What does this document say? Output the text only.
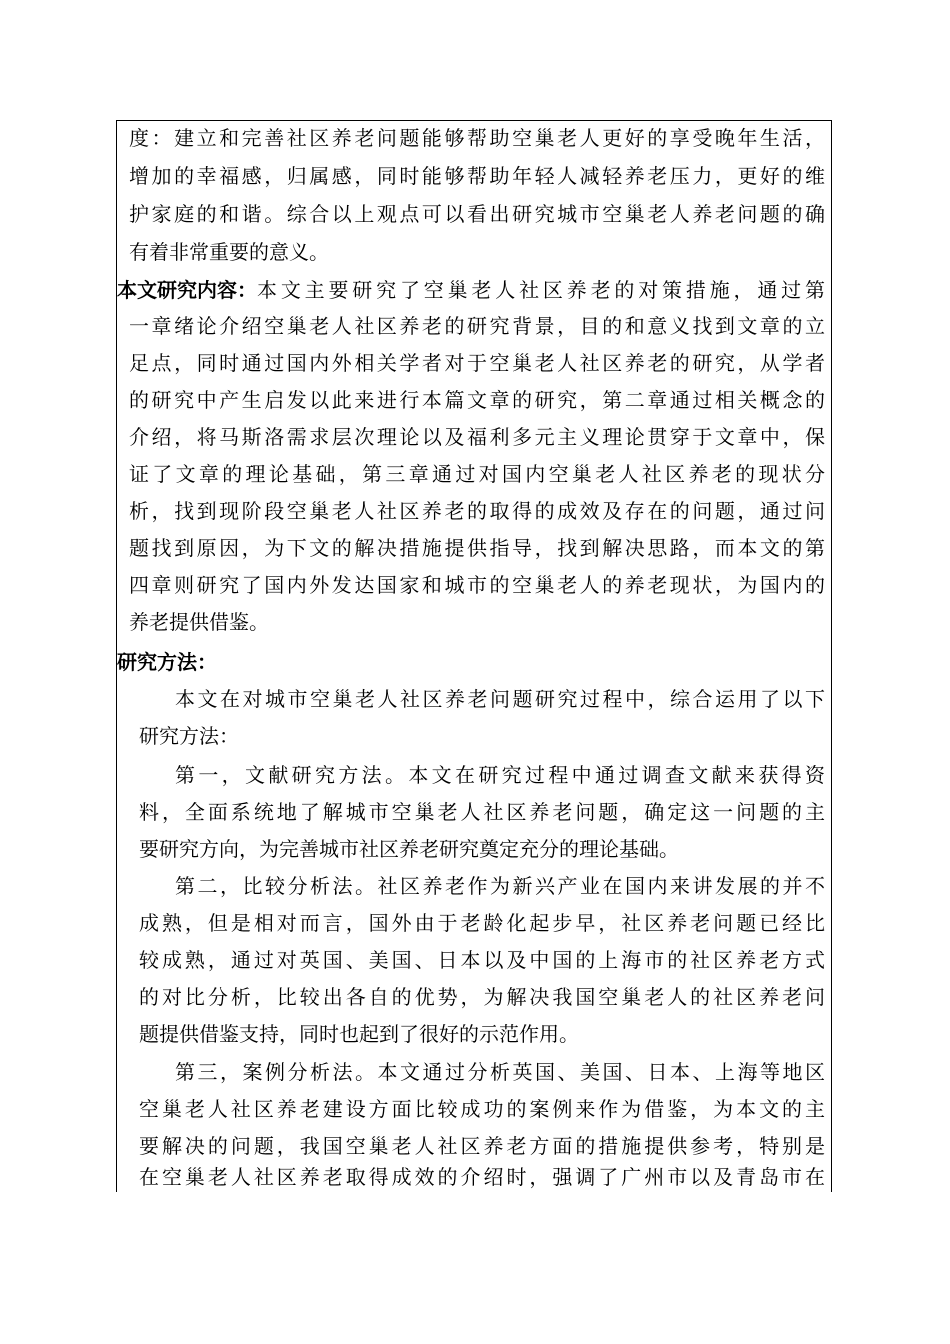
度：建立和完善社区养老问题能够帮助空巢老人更好的享受晚年生活，
增加的幸福感，归属感，同时能够帮助年轻人减轻养老压力，更好的维
护家庭的和谐。综合以上观点可以看出研究城市空巢老人养老问题的确
有着非常重要的意义。
本文研究内容： 本文主要研究了空巢老人社区养老的对策措施，通过第
一章绪论介绍空巢老人社区养老的研究背景，目的和意义找到文章的立
足点，同时通过国内外相关学者对于空巢老人社区养老的研究，从学者
的研究中产生启发以此来进行本篇文章的研究，第二章通过相关概念的
介绍，将马斯洛需求层次理论以及福利多元主义理论贯穿于文章中，保
证了文章的理论基础，第三章通过对国内空巢老人社区养老的现状分
析，找到现阶段空巢老人社区养老的取得的成效及存在的问题，通过问
题找到原因，为下文的解决措施提供指导，找到解决思路，而本文的第
四章则研究了国内外发达国家和城市的空巢老人的养老现状，为国内的
养老提供借鉴。
研究方法：
本文在对城市空巢老人社区养老问题研究过程中，综合运用了以下
研究方法：
第一，文献研究方法。本文在研究过程中通过调查文献来获得资
料，全面系统地了解城市空巢老人社区养老问题，确定这一问题的主
要研究方向，为完善城市社区养老研究奠定充分的理论基础。
第二，比较分析法。社区养老作为新兴产业在国内来讲发展的并不
成熟，但是相对而言，国外由于老龄化起步早，社区养老问题已经比
较成熟，通过对英国、美国、日本以及中国的上海市的社区养老方式
的对比分析，比较出各自的优势，为解决我国空巢老人的社区养老问
题提供借鉴支持，同时也起到了很好的示范作用。
第三，案例分析法。本文通过分析英国、美国、日本、上海等地区
空巢老人社区养老建设方面比较成功的案例来作为借鉴，为本文的主
要解决的问题，我国空巢老人社区养老方面的措施提供参考，特别是
在空巢老人社区养老取得成效的介绍时，强调了广州市以及青岛市在
